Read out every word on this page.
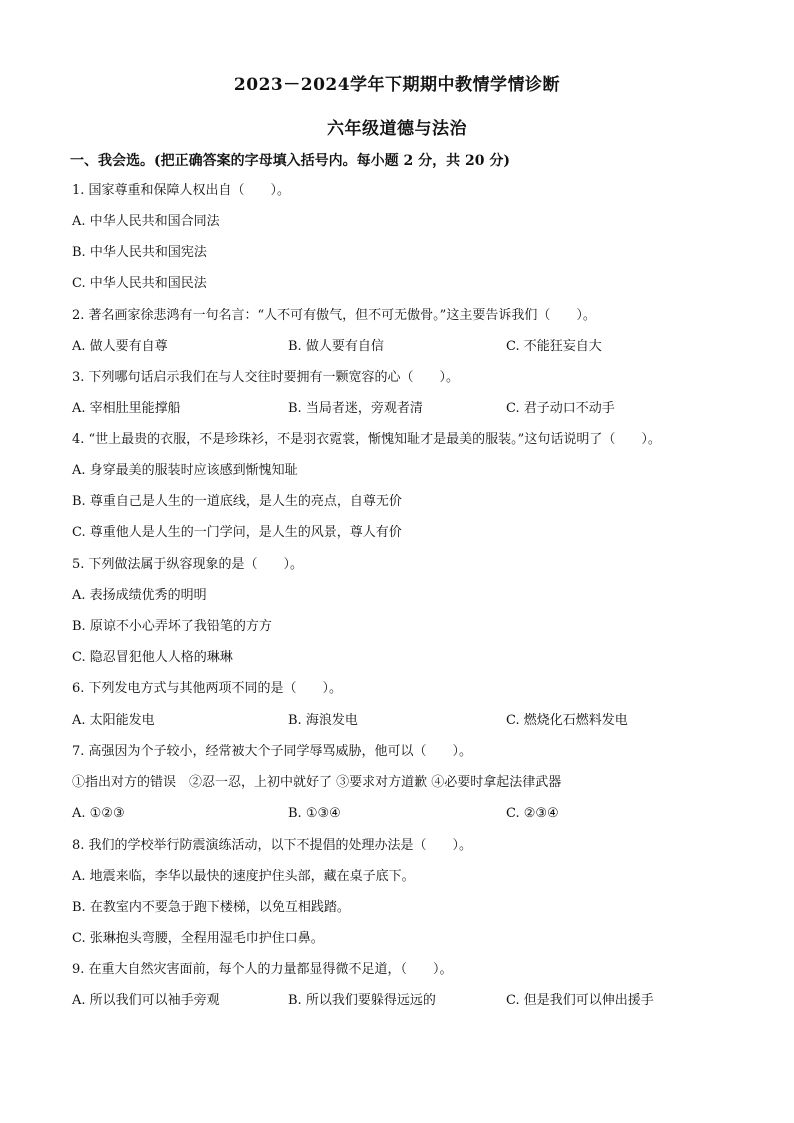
2023－2024学年下期期中教情学情诊断
六年级道德与法治
一、我会选。(把正确答案的字母填入括号内。每小题 2 分，共 20 分)
1. 国家尊重和保障人权出自（　　）。
A. 中华人民共和国合同法
B. 中华人民共和国宪法
C. 中华人民共和国民法
2. 著名画家徐悲鸿有一句名言：“人不可有傲气，但不可无傲骨。”这主要告诉我们（　　）。
A. 做人要有自尊	B. 做人要有自信	C. 不能狂妄自大
3. 下列哪句话启示我们在与人交往时要拥有一颗宽容的心（　　）。
A. 宰相肚里能撑船	B. 当局者迷，旁观者清	C. 君子动口不动手
4. “世上最贵的衣服，不是珍珠衫，不是羽衣霓裳，惭愧知耻才是最美的服装。”这句话说明了（　　）。
A. 身穿最美的服装时应该感到惭愧知耻
B. 尊重自己是人生的一道底线，是人生的亮点，自尊无价
C. 尊重他人是人生的一门学问，是人生的风景，尊人有价
5. 下列做法属于纵容现象的是（　　）。
A. 表扬成绩优秀的明明
B. 原谅不小心弄坏了我铅笔的方方
C. 隐忍冒犯他人人格的琳琳
6. 下列发电方式与其他两项不同的是（　　）。
A. 太阳能发电	B. 海浪发电	C. 燃烧化石燃料发电
7. 高强因为个子较小，经常被大个子同学辱骂威胁，他可以（　　）。
①指出对方的错误　②忍一忍，上初中就好了 ③要求对方道歉 ④必要时拿起法律武器
A. ①②③	B. ①③④	C. ②③④
8. 我们的学校举行防震演练活动，以下不提倡的处理办法是（　　）。
A. 地震来临，李华以最快的速度护住头部，藏在桌子底下。
B. 在教室内不要急于跑下楼梯，以免互相践踏。
C. 张琳抱头弯腰，全程用湿毛巾护住口鼻。
9. 在重大自然灾害面前，每个人的力量都显得微不足道，（　　）。
A. 所以我们可以袖手旁观	B. 所以我们要躲得远远的	C. 但是我们可以伸出援手
